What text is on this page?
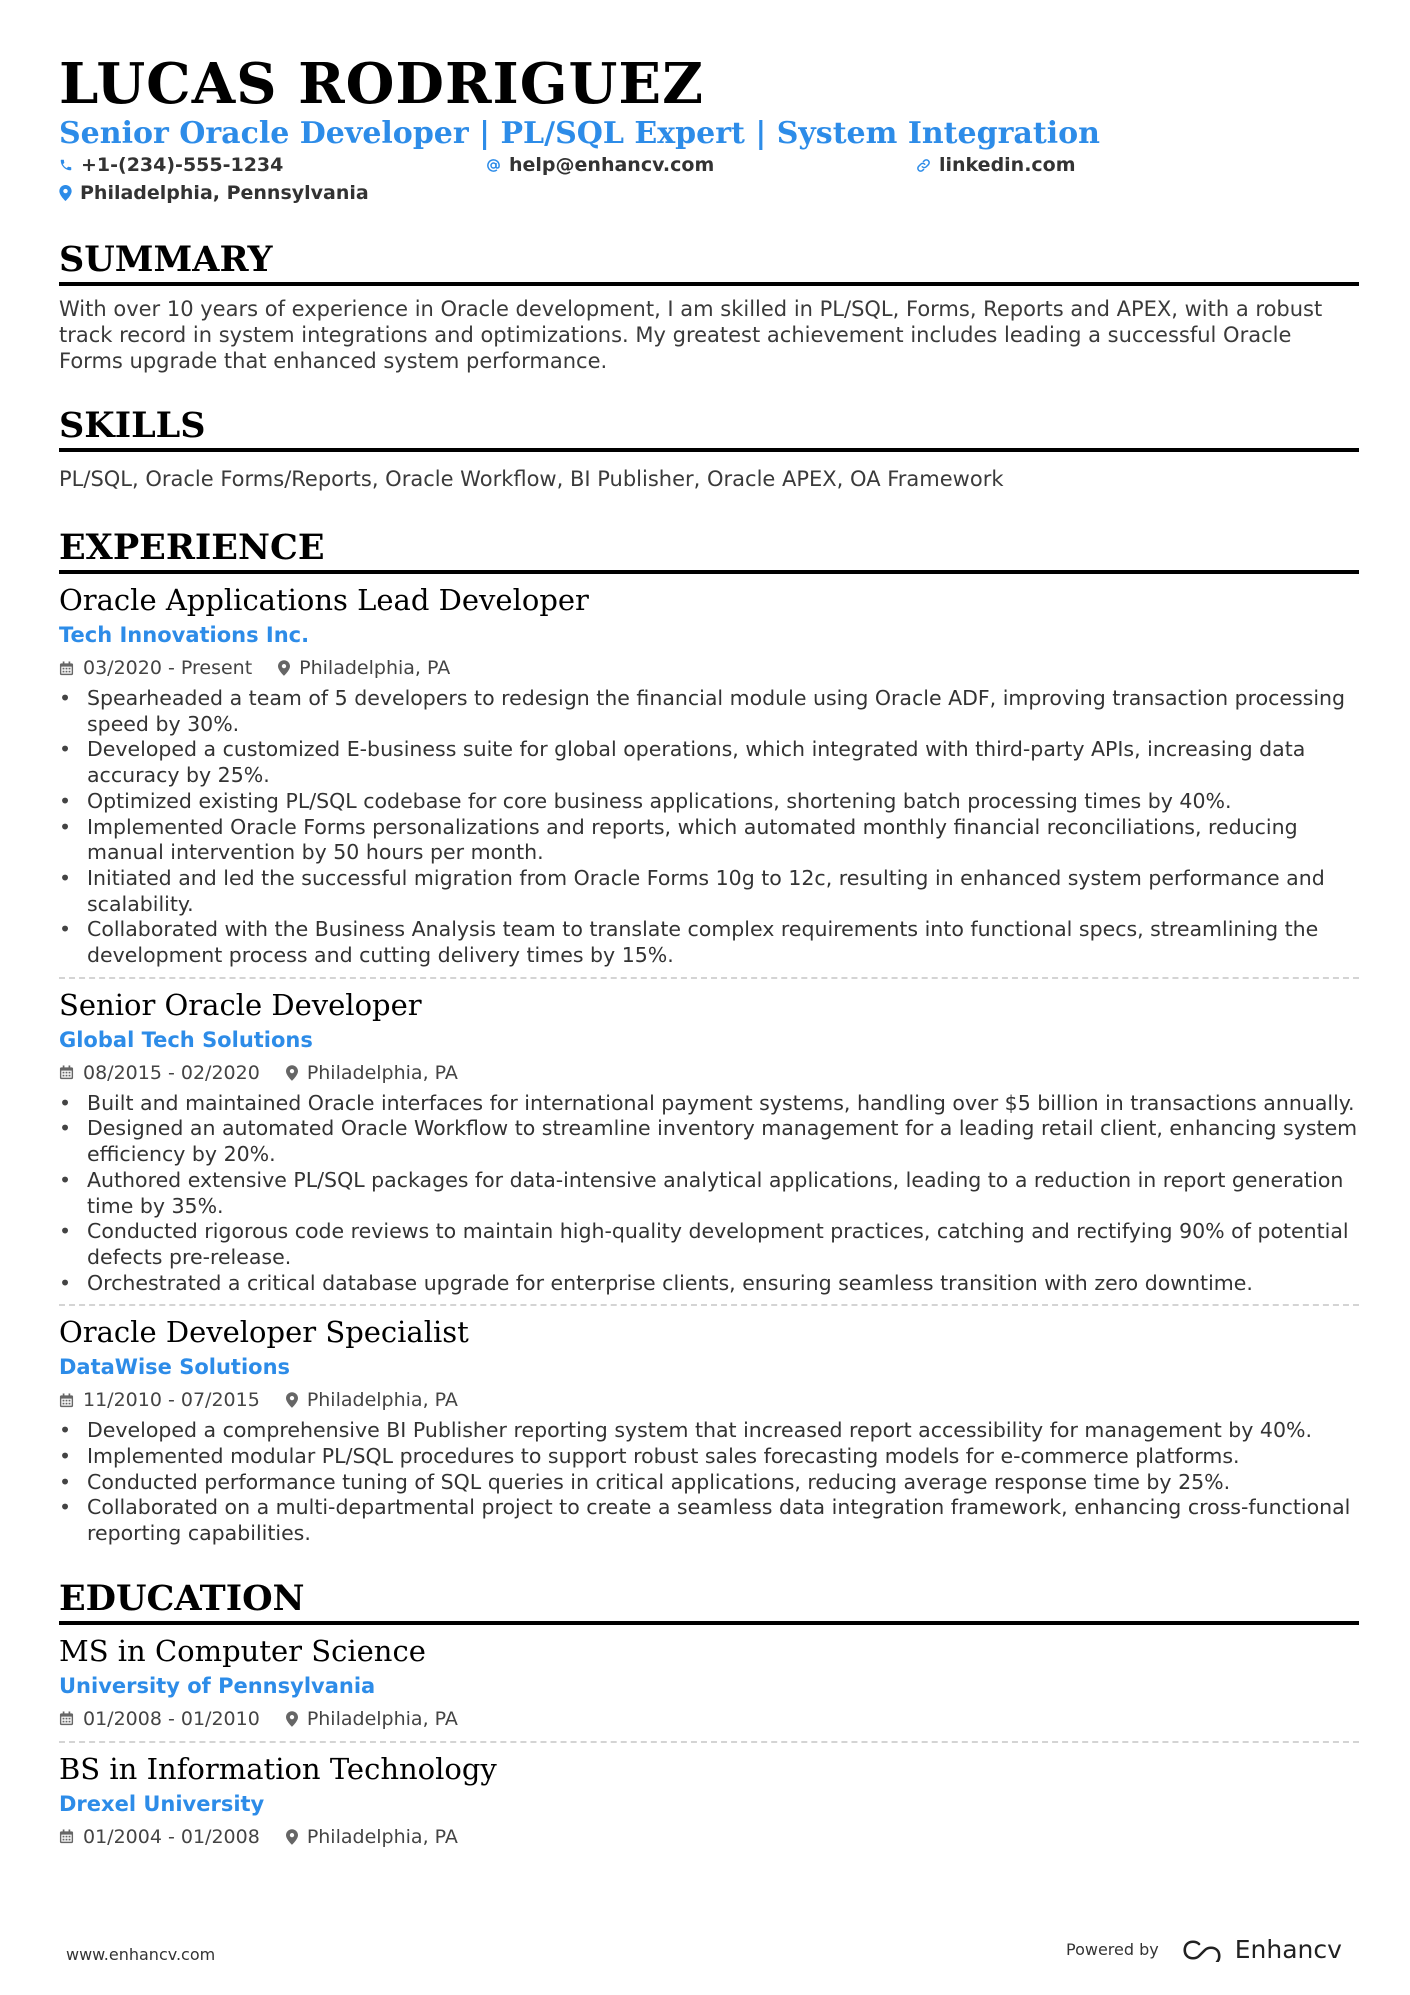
LUCAS RODRIGUEZ
Senior Oracle Developer | PL/SQL Expert | System Integration
+1-(234)-555-1234	help@enhancv.com	linkedin.com
Philadelphia, Pennsylvania
SUMMARY
With over 10 years of experience in Oracle development, I am skilled in PL/SQL, Forms, Reports and APEX, with a robust track record in system integrations and optimizations. My greatest achievement includes leading a successful Oracle Forms upgrade that enhanced system performance.
SKILLS
PL/SQL, Oracle Forms/Reports, Oracle Workflow, BI Publisher, Oracle APEX, OA Framework
EXPERIENCE
Oracle Applications Lead Developer
Tech Innovations Inc.
03/2020 - Present Philadelphia, PA
• Spearheaded a team of 5 developers to redesign the financial module using Oracle ADF, improving transaction processing speed by 30%.
• Developed a customized E-business suite for global operations, which integrated with third-party APIs, increasing data accuracy by 25%.
• Optimized existing PL/SQL codebase for core business applications, shortening batch processing times by 40%.
• Implemented Oracle Forms personalizations and reports, which automated monthly financial reconciliations, reducing manual intervention by 50 hours per month.
• Initiated and led the successful migration from Oracle Forms 10g to 12c, resulting in enhanced system performance and scalability.
• Collaborated with the Business Analysis team to translate complex requirements into functional specs, streamlining the development process and cutting delivery times by 15%.
Senior Oracle Developer
Global Tech Solutions
08/2015 - 02/2020 Philadelphia, PA
• Built and maintained Oracle interfaces for international payment systems, handling over $5 billion in transactions annually.
• Designed an automated Oracle Workflow to streamline inventory management for a leading retail client, enhancing system efficiency by 20%.
• Authored extensive PL/SQL packages for data-intensive analytical applications, leading to a reduction in report generation time by 35%.
• Conducted rigorous code reviews to maintain high-quality development practices, catching and rectifying 90% of potential defects pre-release.
• Orchestrated a critical database upgrade for enterprise clients, ensuring seamless transition with zero downtime.
Oracle Developer Specialist
DataWise Solutions
11/2010 - 07/2015 Philadelphia, PA
• Developed a comprehensive BI Publisher reporting system that increased report accessibility for management by 40%.
• Implemented modular PL/SQL procedures to support robust sales forecasting models for e-commerce platforms.
• Conducted performance tuning of SQL queries in critical applications, reducing average response time by 25%.
• Collaborated on a multi-departmental project to create a seamless data integration framework, enhancing cross-functional reporting capabilities.
EDUCATION
MS in Computer Science
University of Pennsylvania
01/2008 - 01/2010 Philadelphia, PA
BS in Information Technology
Drexel University
01/2004 - 01/2008 Philadelphia, PA
www.enhancv.com	Powered by	Enhancv
